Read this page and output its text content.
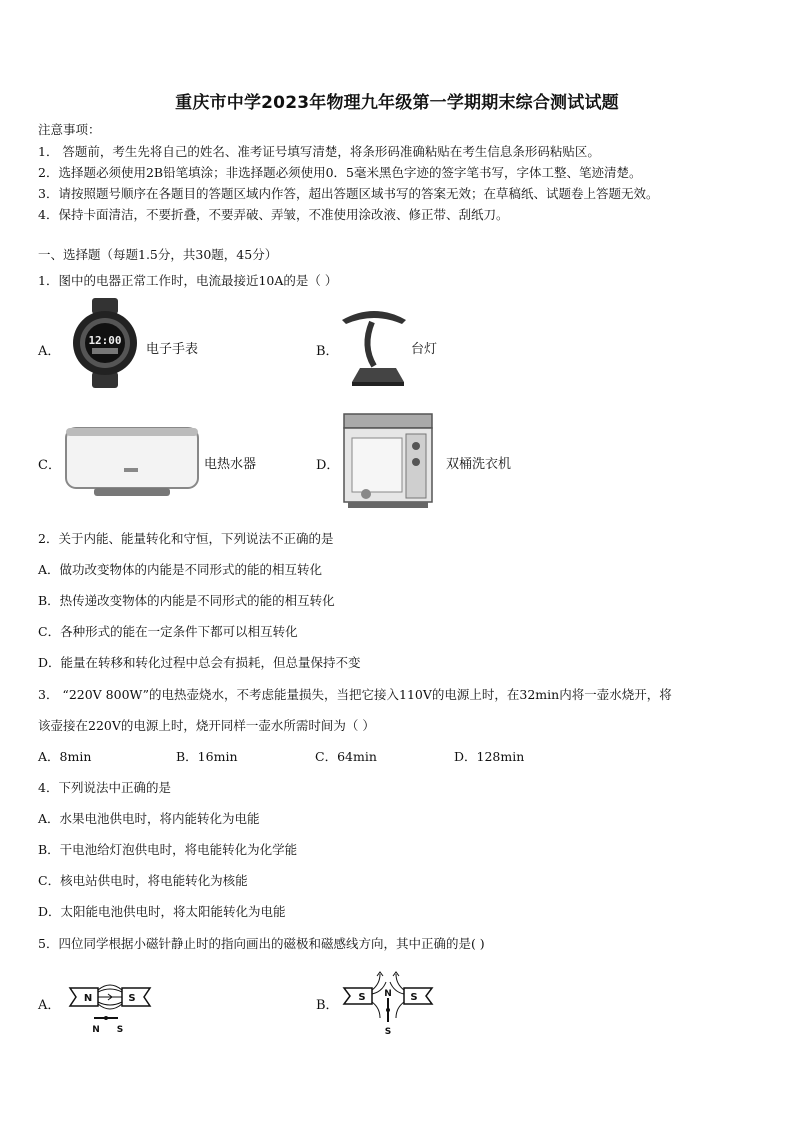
重庆市中学2023年物理九年级第一学期期末综合测试试题
注意事项：
1． 答题前，考生先将自己的姓名、准考证号填写清楚，将条形码准确粘贴在考生信息条形码粘贴区。
2．选择题必须使用2B铅笔填涂；非选择题必须使用0．5毫米黑色字迹的签字笔书写，字体工整、笔迹清楚。
3．请按照题号顺序在各题目的答题区域内作答，超出答题区域书写的答案无效；在草稿纸、试题卷上答题无效。
4．保持卡面清洁，不要折叠，不要弄破、弄皱，不准使用涂改液、修正带、刮纸刀。
一、选择题（每题1.5分，共30题，45分）
1．图中的电器正常工作时，电流最接近10A的是（ ）
A．
12:00
电子手表	B．	台灯
C．	电热水器	D．	双桶洗衣机
2．关于内能、能量转化和守恒，下列说法不正确的是
A．做功改变物体的内能是不同形式的能的相互转化
B．热传递改变物体的内能是不同形式的能的相互转化
C．各种形式的能在一定条件下都可以相互转化
D．能量在转移和转化过程中总会有损耗，但总量保持不变
3． “220V 800W”的电热壶烧水，不考虑能量损失，当把它接入110V的电源上时，在32min内将一壶水烧开，将
该壶接在220V的电源上时，烧开同样一壶水所需时间为（ ）
A．8min	B．16min	C．64min	D．128min
4．下列说法中正确的是
A．水果电池供电时，将内能转化为电能
B．干电池给灯泡供电时，将电能转化为化学能
C．核电站供电时，将电能转化为核能
D．太阳能电池供电时，将太阳能转化为电能
5．四位同学根据小磁针静止时的指向画出的磁极和磁感线方向，其中正确的是( )
A． N	S
N S
B．
S	S
N
S
